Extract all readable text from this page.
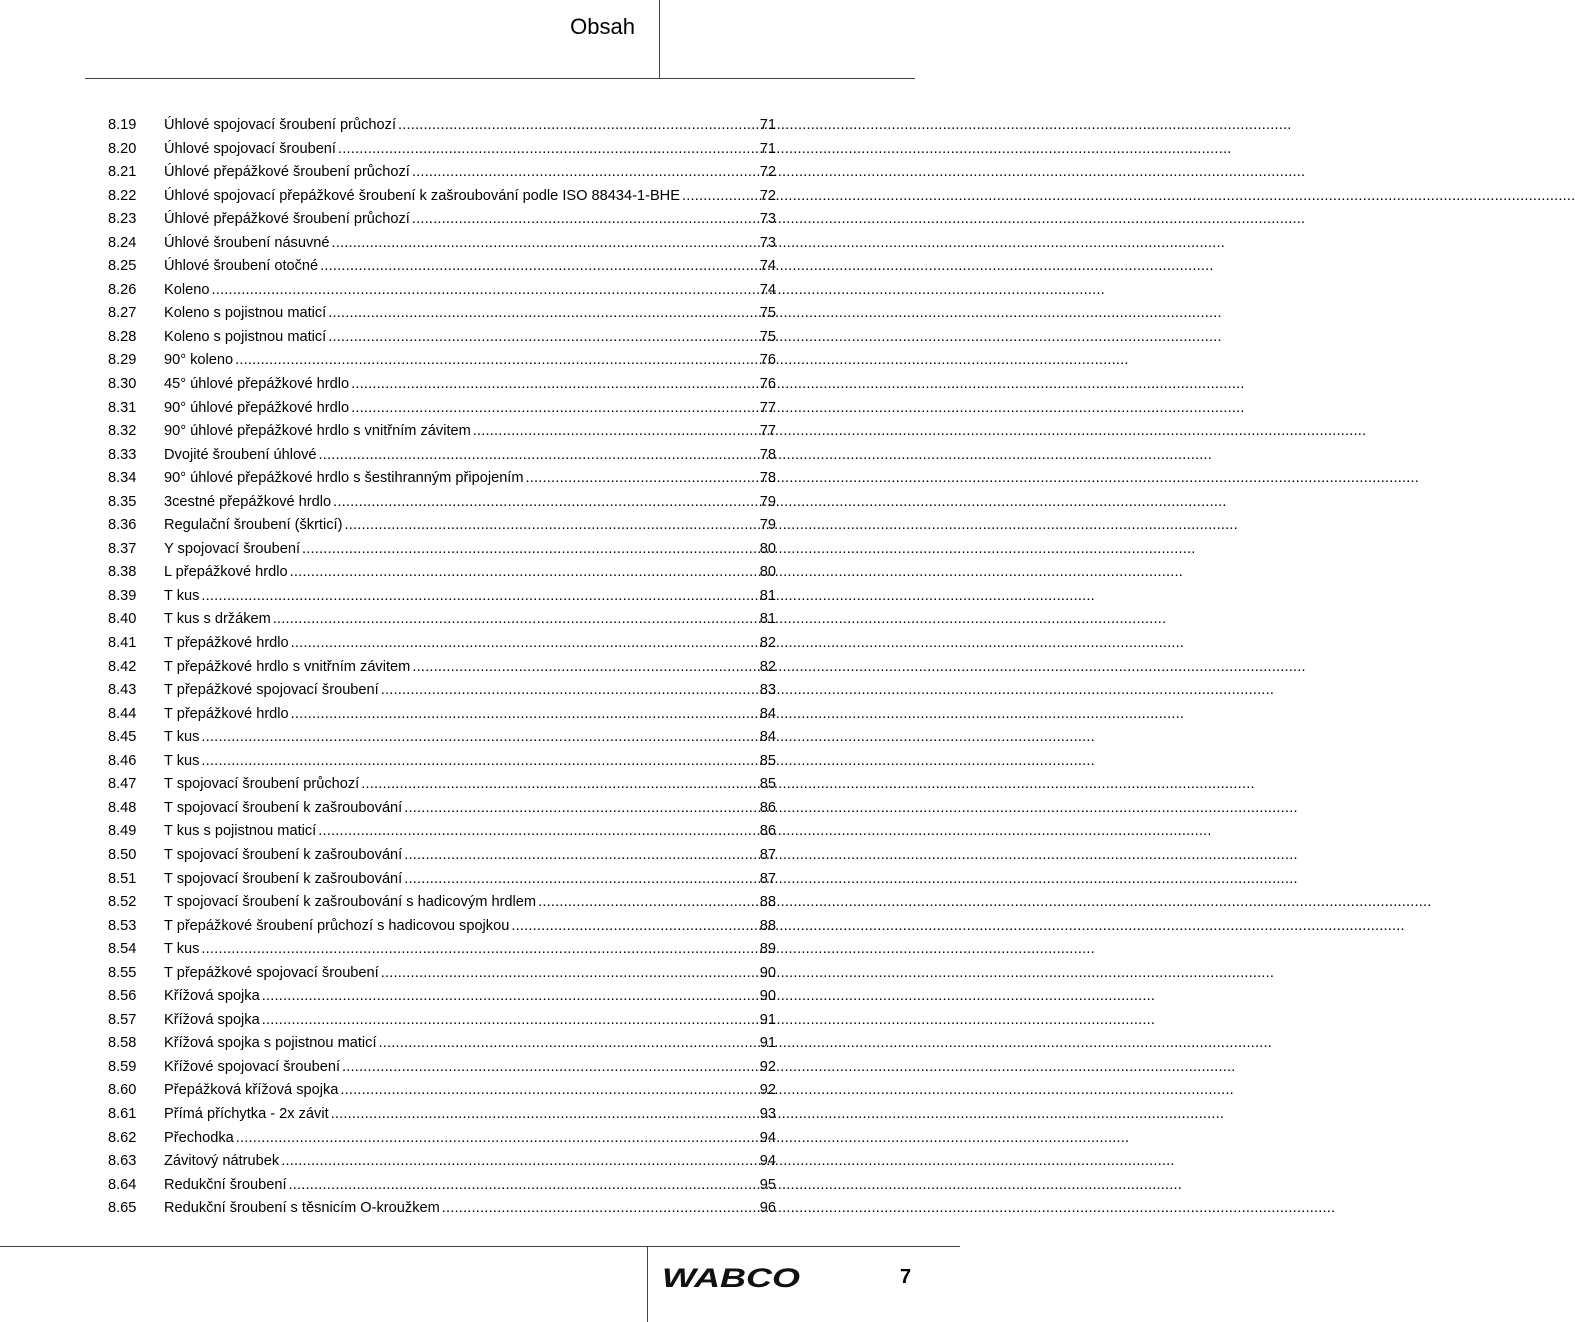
Obsah
8.19	Úhlové spojovací šroubení průchozí .....	71
8.20	Úhlové spojovací šroubení .....	71
8.21	Úhlové přepážkové šroubení průchozí .....	72
8.22	Úhlové spojovací přepážkové šroubení k zašroubování podle ISO 88434-1-BHE .....	72
8.23	Úhlové přepážkové šroubení průchozí .....	73
8.24	Úhlové šroubení násuvné .....	73
8.25	Úhlové šroubení otočné .....	74
8.26	Koleno .....	74
8.27	Koleno s pojistnou maticí .....	75
8.28	Koleno s pojistnou maticí .....	75
8.29	90° koleno .....	76
8.30	45° úhlové přepážkové hrdlo .....	76
8.31	90° úhlové přepážkové hrdlo .....	77
8.32	90° úhlové přepážkové hrdlo s vnitřním závitem .....	77
8.33	Dvojité šroubení úhlové .....	78
8.34	90° úhlové přepážkové hrdlo s šestihranným připojením .....	78
8.35	3cestné přepážkové hrdlo .....	79
8.36	Regulační šroubení (škrticí) .....	79
8.37	Y spojovací šroubení .....	80
8.38	L přepážkové hrdlo .....	80
8.39	T kus .....	81
8.40	T kus s držákem .....	81
8.41	T přepážkové hrdlo .....	82
8.42	T přepážkové hrdlo s vnitřním závitem .....	82
8.43	T přepážkové spojovací šroubení .....	83
8.44	T přepážkové hrdlo .....	84
8.45	T kus .....	84
8.46	T kus .....	85
8.47	T spojovací šroubení průchozí .....	85
8.48	T spojovací šroubení k zašroubování .....	86
8.49	T kus s pojistnou maticí .....	86
8.50	T spojovací šroubení k zašroubování .....	87
8.51	T spojovací šroubení k zašroubování .....	87
8.52	T spojovací šroubení k zašroubování s hadicovým hrdlem .....	88
8.53	T přepážkové šroubení průchozí s hadicovou spojkou .....	88
8.54	T kus .....	89
8.55	T přepážkové spojovací šroubení .....	90
8.56	Křížová spojka .....	90
8.57	Křížová spojka .....	91
8.58	Křížová spojka s pojistnou maticí .....	91
8.59	Křížové spojovací šroubení .....	92
8.60	Přepážková křížová spojka .....	92
8.61	Přímá příchytka - 2x závit .....	93
8.62	Přechodka .....	94
8.63	Závitový nátrubek .....	94
8.64	Redukční šroubení .....	95
8.65	Redukční šroubení s těsnicím O-kroužkem .....	96
WABCO	7
